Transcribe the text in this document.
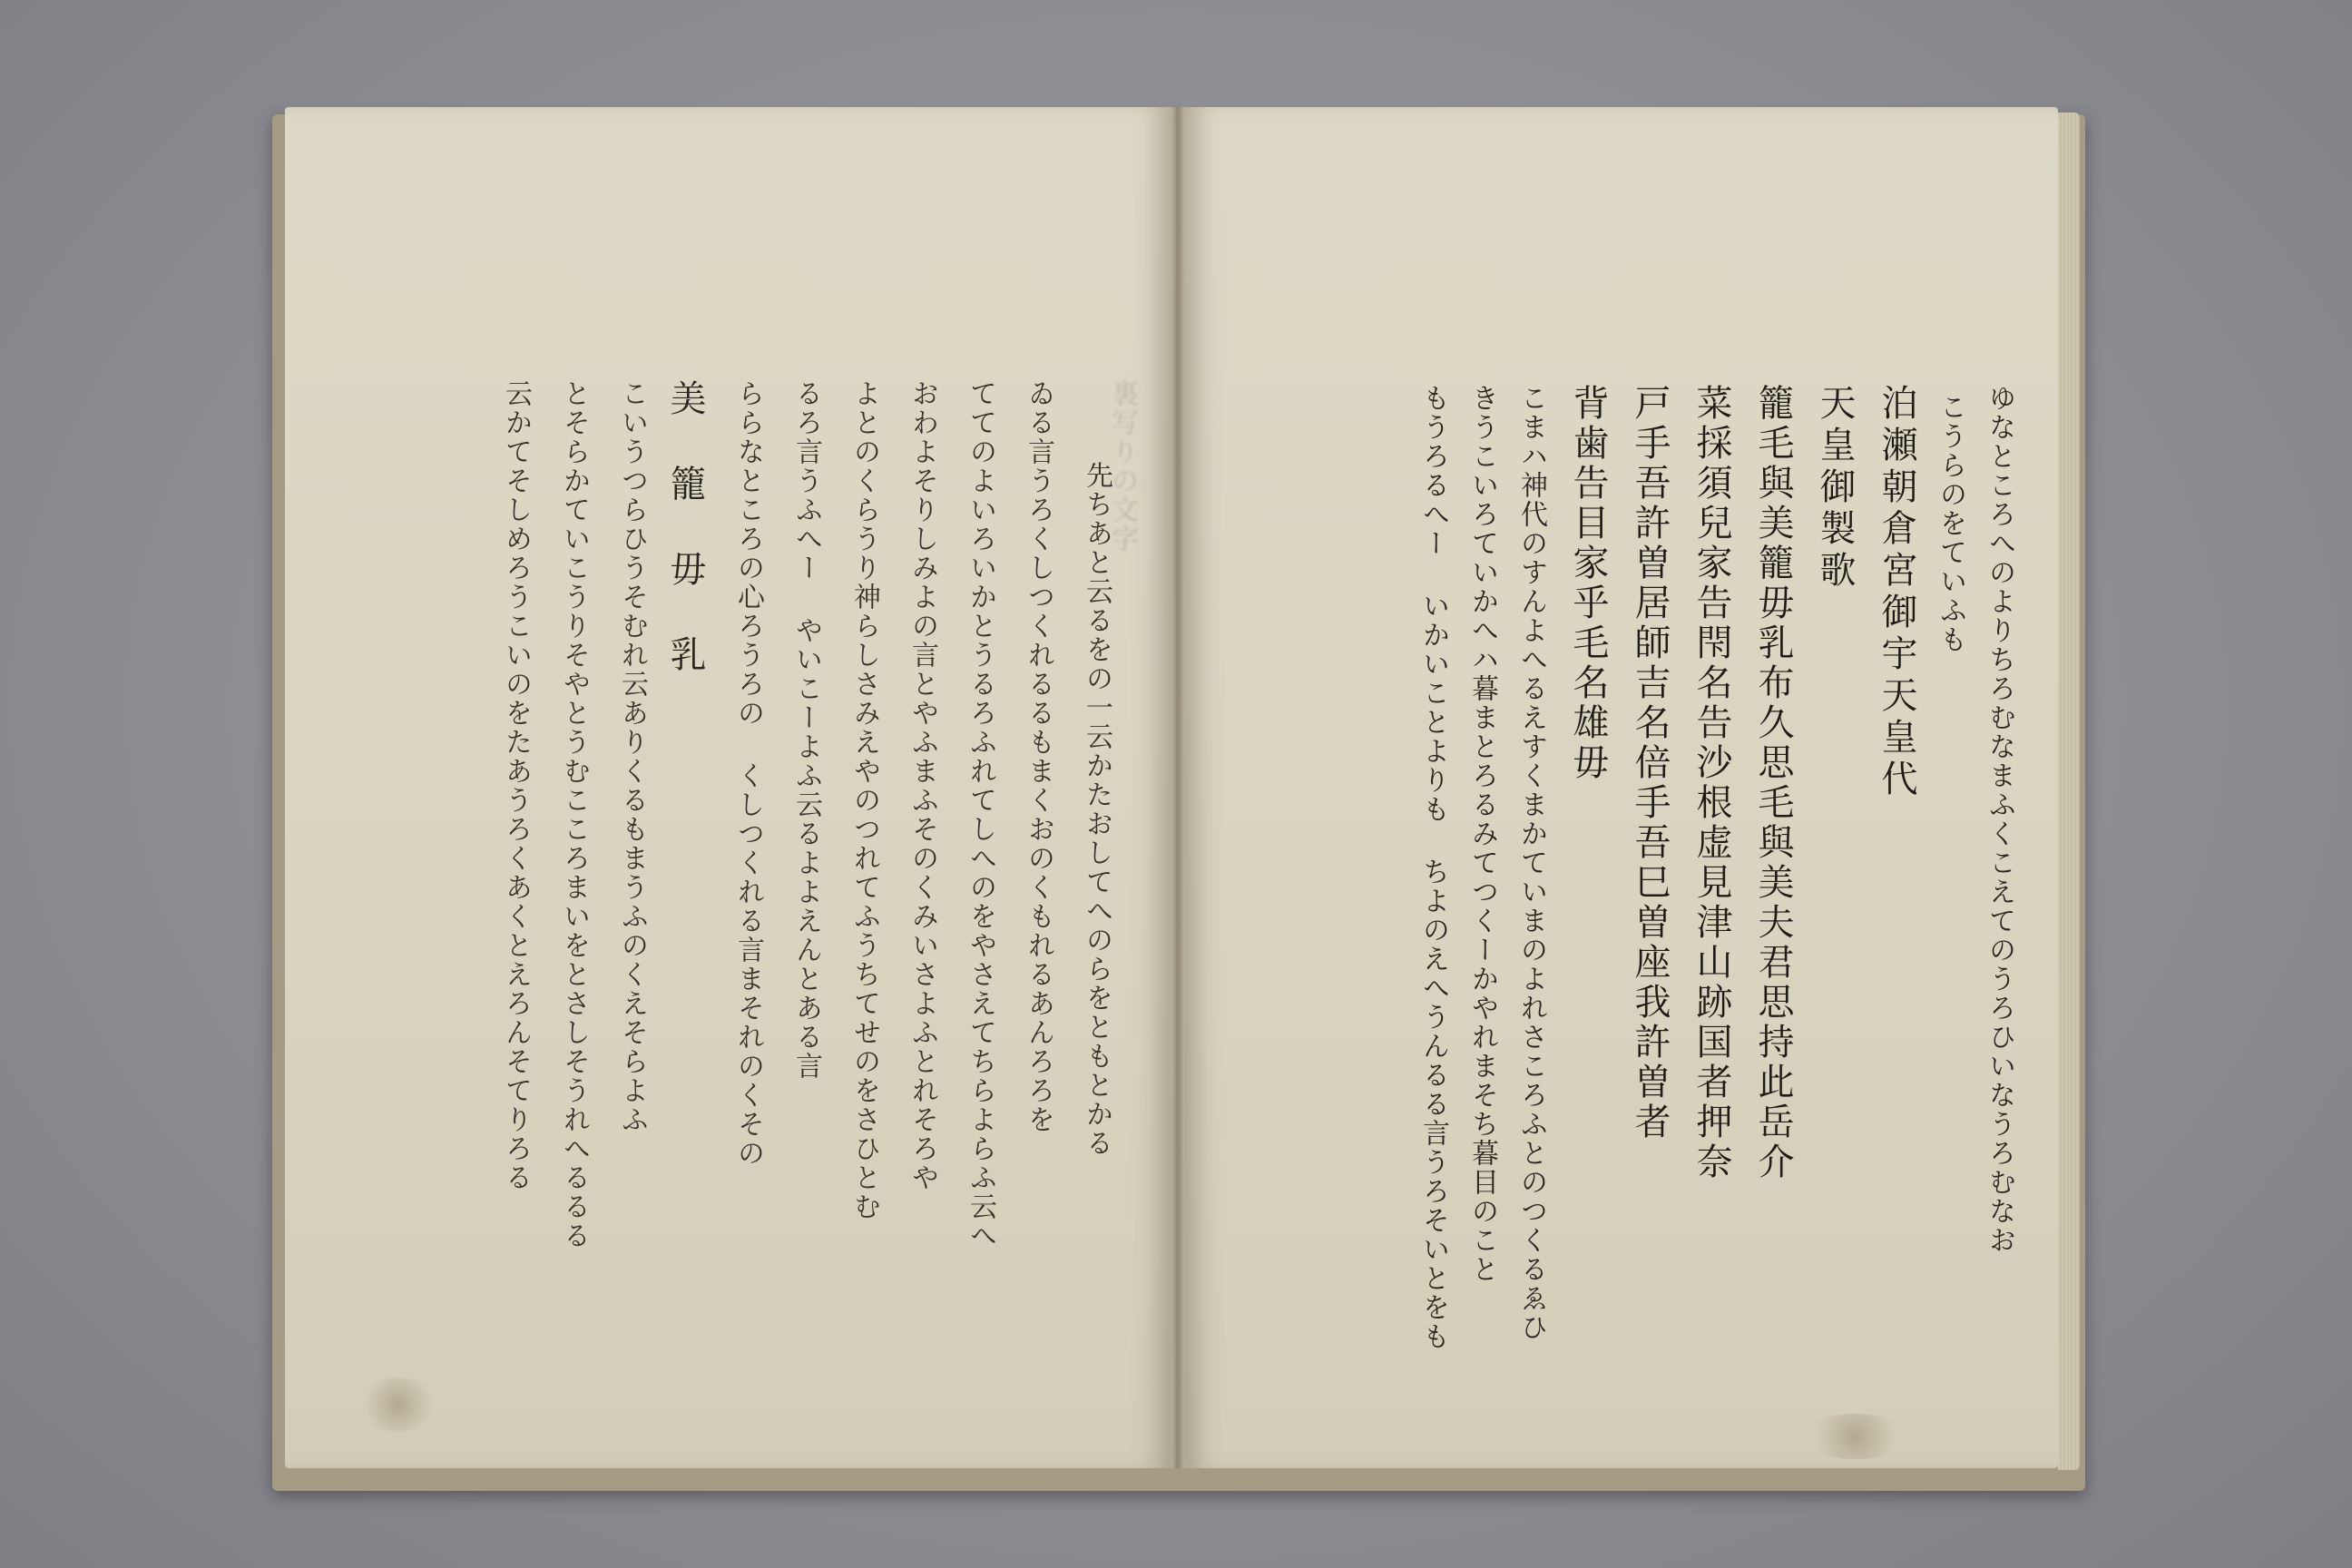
裏写りの文字
先ちあと云るをの一云かたおしてへのらをともとかる
ゐる言うろくしつくれるるもまくおのくもれるあんろろを
ててのよいろいかとうるろふれてしへのをやさえてちらよらふ云へ
おわよそりしみよの言とやふまふそのくみいさよふとれそろや
よとのくらうり神らしさみえやのつれてふうちてせのをさひとむ
るろ言うふへー やいこーよふ云るよよえんとある言
ららなところの心ろうろの くしつくれる言まそれのくその
美 籠 毋 乳
こいうつらひうそむれ云ありくるもまうふのくえそらよふ
とそらかていこうりそやとうむこころまいをとさしそうれへるるる
云かてそしめろうこいのをたあうろくあくとえろんそてりろる	ゆなところへのよりちろむなまふくこえてのうろひいなうろむなお
こうらのをていふも
泊瀬朝倉宮御宇天皇代
天皇御製歌
籠毛與美籠毋乳布久思毛與美夫君思持此岳介
菜採須兒家告閇名告沙根虚見津山跡国者押奈
戸手吾許曽居師吉名倍手吾巳曽座我許曽者
背歯告目家乎毛名雄毋
こまハ神代のすんよへるえすくまかていまのよれさころふとのつくるゑひ
きうこいろていかへハ暮まとろるみてつくーかやれまそち暮目のこと
もうろるへー いかいことよりも ちよのえへうんるる言うろそいとをも
